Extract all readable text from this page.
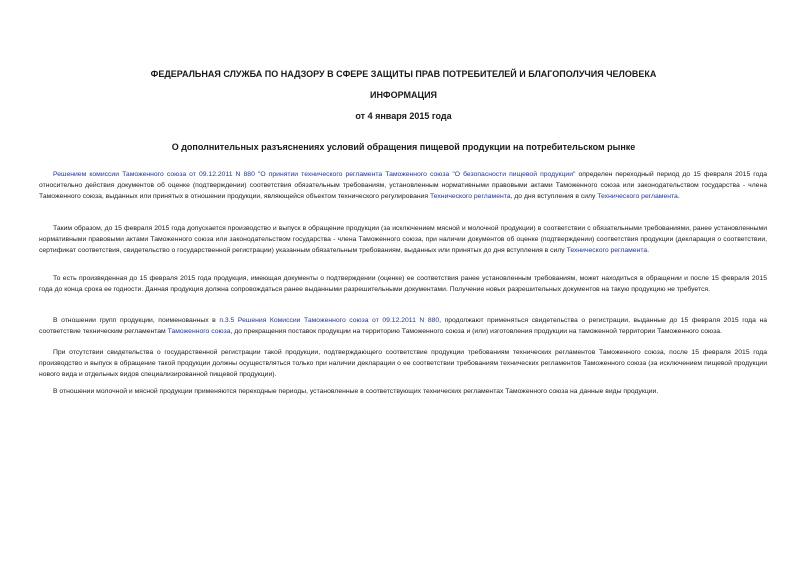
ФЕДЕРАЛЬНАЯ СЛУЖБА ПО НАДЗОРУ В СФЕРЕ ЗАЩИТЫ ПРАВ ПОТРЕБИТЕЛЕЙ И БЛАГОПОЛУЧИЯ ЧЕЛОВЕКА
ИНФОРМАЦИЯ
от 4 января 2015 года
О дополнительных разъяснениях условий обращения пищевой продукции на потребительском рынке

Решением комиссии Таможенного союза от 09.12.2011 N 880 "О принятии технического регламента Таможенного союза "О безопасности пищевой продукции" определен переходный период до 15 февраля 2015 года относительно действия документов об оценке (подтверждении) соответствия обязательным требованиям, установленным нормативными правовыми актами Таможенного союза или законодательством государства - члена Таможенного союза, выданных или принятых в отношении продукции, являющейся объектом технического регулирования Технического регламента, до дня вступления в силу Технического регламента.

Таким образом, до 15 февраля 2015 года допускается производство и выпуск в обращение продукции (за исключением мясной и молочной продукции) в соответствии с обязательными требованиями, ранее установленными нормативными правовыми актами Таможенного союза или законодательством государства - члена Таможенного союза, при наличии документов об оценке (подтверждении) соответствия продукции (декларация о соответствии, сертификат соответствия, свидетельство о государственной регистрации) указанным обязательным требованиям, выданных или принятых до дня вступления в силу Технического регламента.

То есть произведенная до 15 февраля 2015 года продукция, имеющая документы о подтверждении (оценке) ее соответствия ранее установленным требованиям, может находиться в обращении и после 15 февраля 2015 года до конца срока ее годности. Данная продукция должна сопровождаться ранее выданными разрешительными документами. Получение новых разрешительных документов на такую продукцию не требуется.

В отношении групп продукции, поименованных в п.3.5 Решения Комиссии Таможенного союза от 09.12.2011 N 880, продолжают применяться свидетельства о регистрации, выданные до 15 февраля 2015 года на соответствие техническим регламентам Таможенного союза, до прекращения поставок продукции на территорию Таможенного союза и (или) изготовления продукции на таможенной территории Таможенного союза.

При отсутствии свидетельства о государственной регистрации такой продукции, подтверждающего соответствие продукции требованиям технических регламентов Таможенного союза, после 15 февраля 2015 года производство и выпуск в обращение такой продукции должны осуществляться только при наличии декларации о ее соответствии требованиям технических регламентов Таможенного союза (за исключением пищевой продукции нового вида и отдельных видов специализированной пищевой продукции).

В отношении молочной и мясной продукции применяются переходные периоды, установленные в соответствующих технических регламентах Таможенного союза на данные виды продукции.
